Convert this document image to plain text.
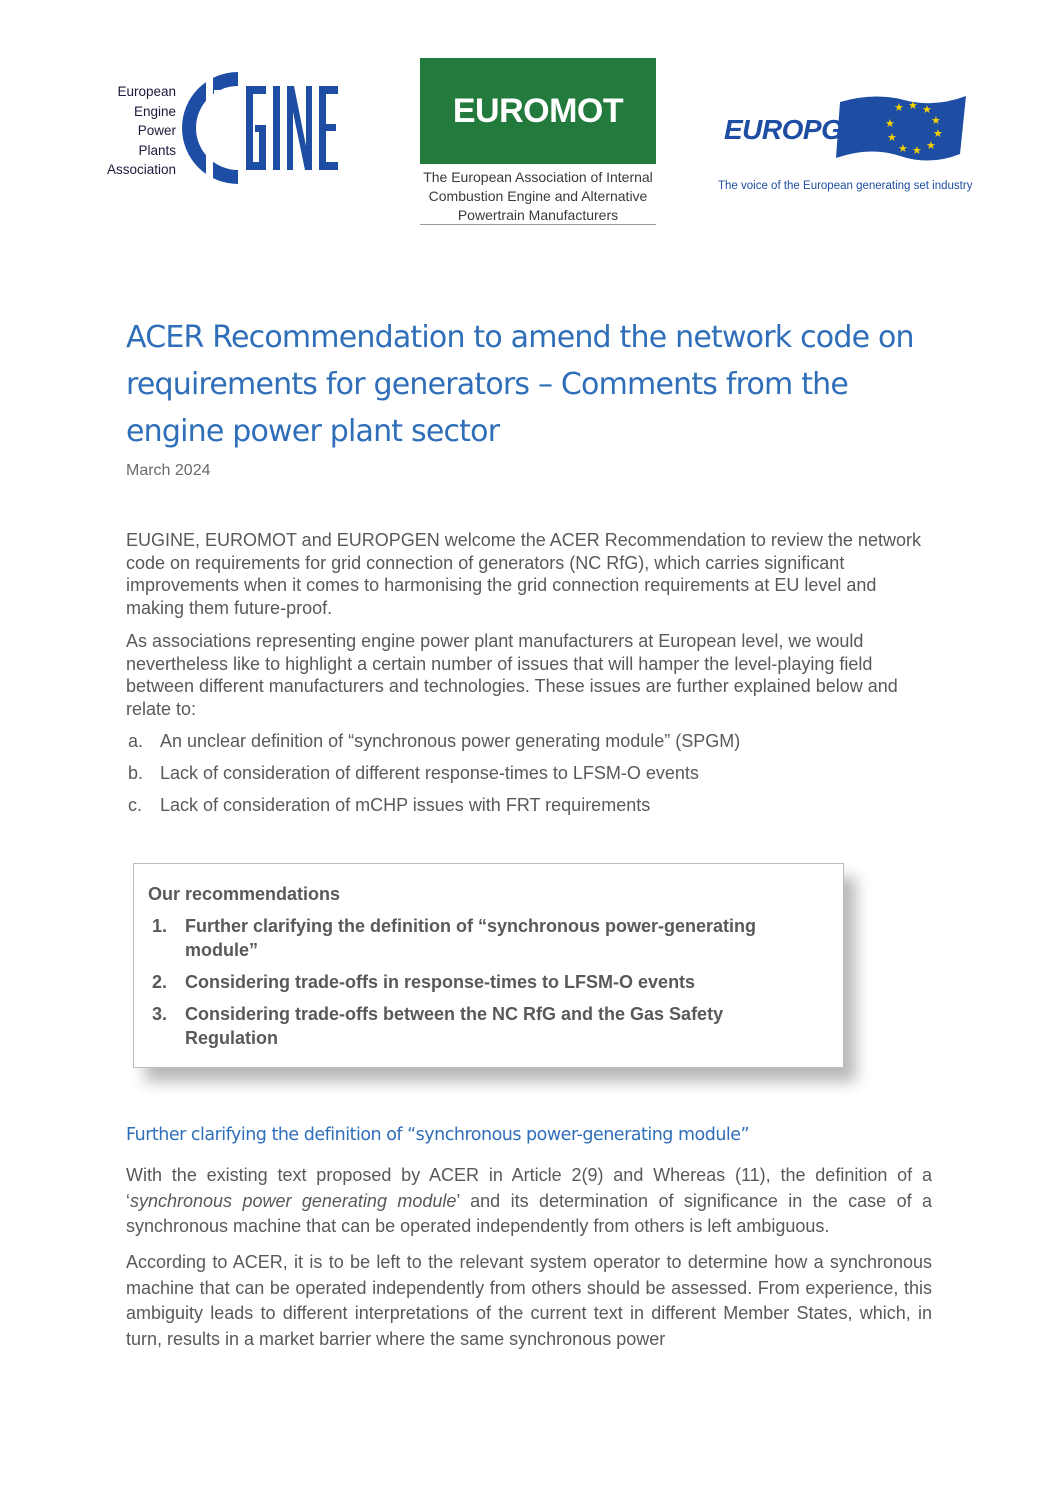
European
Engine
Power
Plants
Association
EUROMOT
The European Association of Internal
Combustion Engine and Alternative
Powertrain Manufacturers
★ ★ ★
★
★
★
★
★
★
★
EUROPGEN
The voice of the European generating set industry
ACER Recommendation to amend the network code on requirements for generators – Comments from the engine power plant sector
March 2024

EUGINE, EUROMOT and EUROPGEN welcome the ACER Recommendation to review the network code on requirements for grid connection of generators (NC RfG), which carries significant improvements when it comes to harmonising the grid connection requirements at EU level and making them future-proof.

As associations representing engine power plant manufacturers at European level, we would nevertheless like to highlight a certain number of issues that will hamper the level-playing field between different manufacturers and technologies. These issues are further explained below and relate to:

a. An unclear definition of “synchronous power generating module” (SPGM)
b. Lack of consideration of different response-times to LFSM-O events
c. Lack of consideration of mCHP issues with FRT requirements
Our recommendations
1. Further clarifying the definition of “synchronous power-generating module”
2. Considering trade-offs in response-times to LFSM-O events
3. Considering trade-offs between the NC RfG and the Gas Safety Regulation
Further clarifying the definition of “synchronous power-generating module”

With the existing text proposed by ACER in Article 2(9) and Whereas (11), the definition of a ‘synchronous power generating module’ and its determination of significance in the case of a synchronous machine that can be operated independently from others is left ambiguous.

According to ACER, it is to be left to the relevant system operator to determine how a synchronous machine that can be operated independently from others should be assessed. From experience, this ambiguity leads to different interpretations of the current text in different Member States, which, in turn, results in a market barrier where the same synchronous power
